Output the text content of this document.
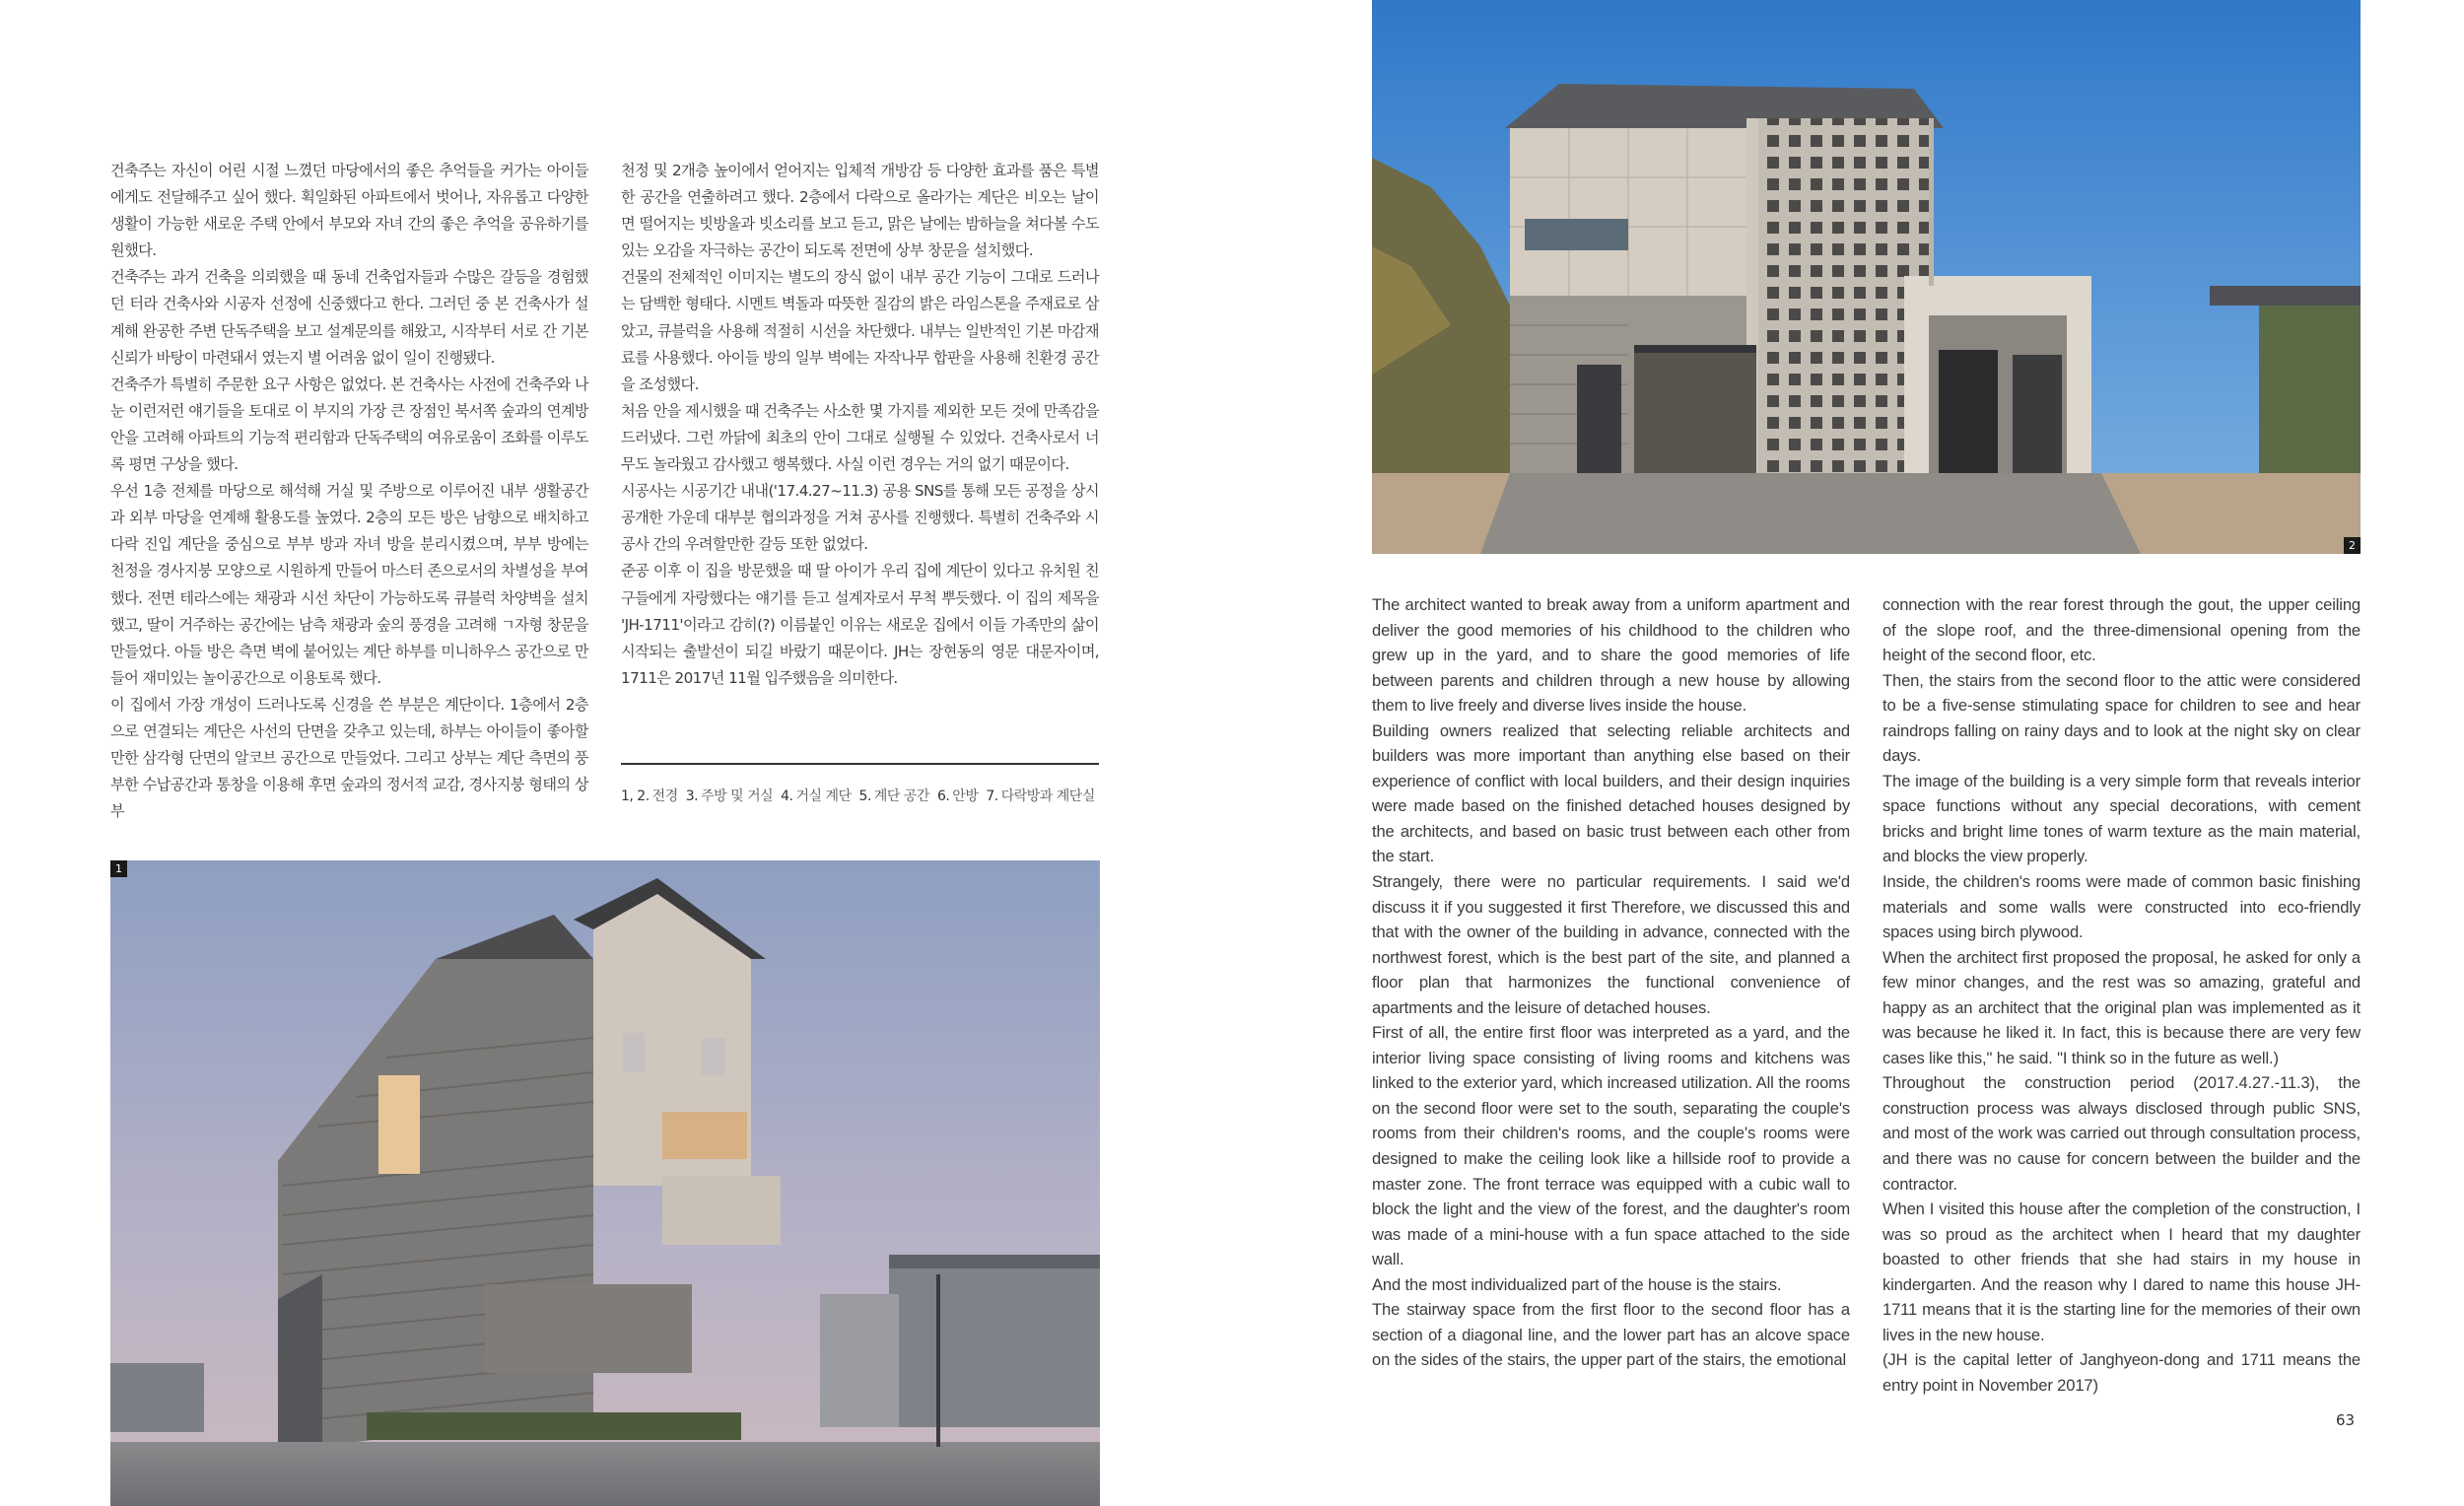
건축주는 자신이 어린 시절 느꼈던 마당에서의 좋은 추억들을 커가는 아이들에게도 전달해주고 싶어 했다. 획일화된 아파트에서 벗어나, 자유롭고 다양한 생활이 가능한 새로운 주택 안에서 부모와 자녀 간의 좋은 추억을 공유하기를 원했다.

건축주는 과거 건축을 의뢰했을 때 동네 건축업자들과 수많은 갈등을 경험했던 터라 건축사와 시공자 선정에 신중했다고 한다. 그러던 중 본 건축사가 설계해 완공한 주변 단독주택을 보고 설계문의를 해왔고, 시작부터 서로 간 기본 신뢰가 바탕이 마련돼서 였는지 별 어려움 없이 일이 진행됐다.

건축주가 특별히 주문한 요구 사항은 없었다. 본 건축사는 사전에 건축주와 나눈 이런저런 얘기들을 토대로 이 부지의 가장 큰 장점인 북서쪽 숲과의 연계방안을 고려해 아파트의 기능적 편리함과 단독주택의 여유로움이 조화를 이루도록 평면 구상을 했다.

우선 1층 전체를 마당으로 해석해 거실 및 주방으로 이루어진 내부 생활공간과 외부 마당을 연계해 활용도를 높였다. 2층의 모든 방은 남향으로 배치하고 다락 진입 계단을 중심으로 부부 방과 자녀 방을 분리시켰으며, 부부 방에는 천정을 경사지붕 모양으로 시원하게 만들어 마스터 존으로서의 차별성을 부여했다. 전면 테라스에는 채광과 시선 차단이 가능하도록 큐블럭 차양벽을 설치했고, 딸이 거주하는 공간에는 남측 채광과 숲의 풍경을 고려해 ㄱ자형 창문을 만들었다. 아들 방은 측면 벽에 붙어있는 계단 하부를 미니하우스 공간으로 만들어 재미있는 놀이공간으로 이용토록 했다.

이 집에서 가장 개성이 드러나도록 신경을 쓴 부분은 계단이다. 1층에서 2층으로 연결되는 계단은 사선의 단면을 갖추고 있는데, 하부는 아이들이 좋아할 만한 삼각형 단면의 알코브 공간으로 만들었다. 그리고 상부는 계단 측면의 풍부한 수납공간과 통창을 이용해 후면 숲과의 정서적 교감, 경사지붕 형태의 상부

천정 및 2개층 높이에서 얻어지는 입체적 개방감 등 다양한 효과를 품은 특별한 공간을 연출하려고 했다. 2층에서 다락으로 올라가는 계단은 비오는 날이면 떨어지는 빗방울과 빗소리를 보고 듣고, 맑은 날에는 밤하늘을 쳐다볼 수도 있는 오감을 자극하는 공간이 되도록 전면에 상부 창문을 설치했다.

건물의 전체적인 이미지는 별도의 장식 없이 내부 공간 기능이 그대로 드러나는 담백한 형태다. 시멘트 벽돌과 따뜻한 질감의 밝은 라임스톤을 주재료로 삼았고, 큐블럭을 사용해 적절히 시선을 차단했다. 내부는 일반적인 기본 마감재료를 사용했다. 아이들 방의 일부 벽에는 자작나무 합판을 사용해 친환경 공간을 조성했다.

처음 안을 제시했을 때 건축주는 사소한 몇 가지를 제외한 모든 것에 만족감을 드러냈다. 그런 까닭에 최초의 안이 그대로 실행될 수 있었다. 건축사로서 너무도 놀라웠고 감사했고 행복했다. 사실 이런 경우는 거의 없기 때문이다.

시공사는 시공기간 내내('17.4.27~11.3) 공용 SNS를 통해 모든 공정을 상시 공개한 가운데 대부분 협의과정을 거쳐 공사를 진행했다. 특별히 건축주와 시공사 간의 우려할만한 갈등 또한 없었다.

준공 이후 이 집을 방문했을 때 딸 아이가 우리 집에 계단이 있다고 유치원 친구들에게 자랑했다는 얘기를 듣고 설계자로서 무척 뿌듯했다. 이 집의 제목을 'JH-1711'이라고 감히(?) 이름붙인 이유는 새로운 집에서 이들 가족만의 삶이 시작되는 출발선이 되길 바랐기 때문이다. JH는 장현동의 영문 대문자이며, 1711은 2017년 11월 입주했음을 의미한다.

1, 2. 전경 3. 주방 및 거실 4. 거실 계단 5. 계단 공간 6. 안방 7. 다락방과 계단실
1
2

The architect wanted to break away from a uniform apartment and deliver the good memories of his childhood to the children who grew up in the yard, and to share the good memories of life between parents and children through a new house by allowing them to live freely and diverse lives inside the house.

Building owners realized that selecting reliable architects and builders was more important than anything else based on their experience of conflict with local builders, and their design inquiries were made based on the finished detached houses designed by the architects, and based on basic trust between each other from the start.

Strangely, there were no particular requirements. I said we'd discuss it if you suggested it first Therefore, we discussed this and that with the owner of the building in advance, connected with the northwest forest, which is the best part of the site, and planned a floor plan that harmonizes the functional convenience of apartments and the leisure of detached houses.

First of all, the entire first floor was interpreted as a yard, and the interior living space consisting of living rooms and kitchens was linked to the exterior yard, which increased utilization. All the rooms on the second floor were set to the south, separating the couple's rooms from their children's rooms, and the couple's rooms were designed to make the ceiling look like a hillside roof to provide a master zone. The front terrace was equipped with a cubic wall to block the light and the view of the forest, and the daughter's room was made of a mini-house with a fun space attached to the side wall.

And the most individualized part of the house is the stairs.

The stairway space from the first floor to the second floor has a section of a diagonal line, and the lower part has an alcove space on the sides of the stairs, the upper part of the stairs, the emotional

connection with the rear forest through the gout, the upper ceiling of the slope roof, and the three-dimensional opening from the height of the second floor, etc.

Then, the stairs from the second floor to the attic were considered to be a five-sense stimulating space for children to see and hear raindrops falling on rainy days and to look at the night sky on clear days.

The image of the building is a very simple form that reveals interior space functions without any special decorations, with cement bricks and bright lime tones of warm texture as the main material, and blocks the view properly.

Inside, the children's rooms were made of common basic finishing materials and some walls were constructed into eco-friendly spaces using birch plywood.

When the architect first proposed the proposal, he asked for only a few minor changes, and the rest was so amazing, grateful and happy as an architect that the original plan was implemented as it was because he liked it. In fact, this is because there are very few cases like this," he said. "I think so in the future as well.)

Throughout the construction period (2017.4.27.-11.3), the construction process was always disclosed through public SNS, and most of the work was carried out through consultation process, and there was no cause for concern between the builder and the contractor.

When I visited this house after the completion of the construction, I was so proud as the architect when I heard that my daughter boasted to other friends that she had stairs in my house in kindergarten. And the reason why I dared to name this house JH-1711 means that it is the starting line for the memories of their own lives in the new house.

(JH is the capital letter of Janghyeon-dong and 1711 means the entry point in November 2017)

63
